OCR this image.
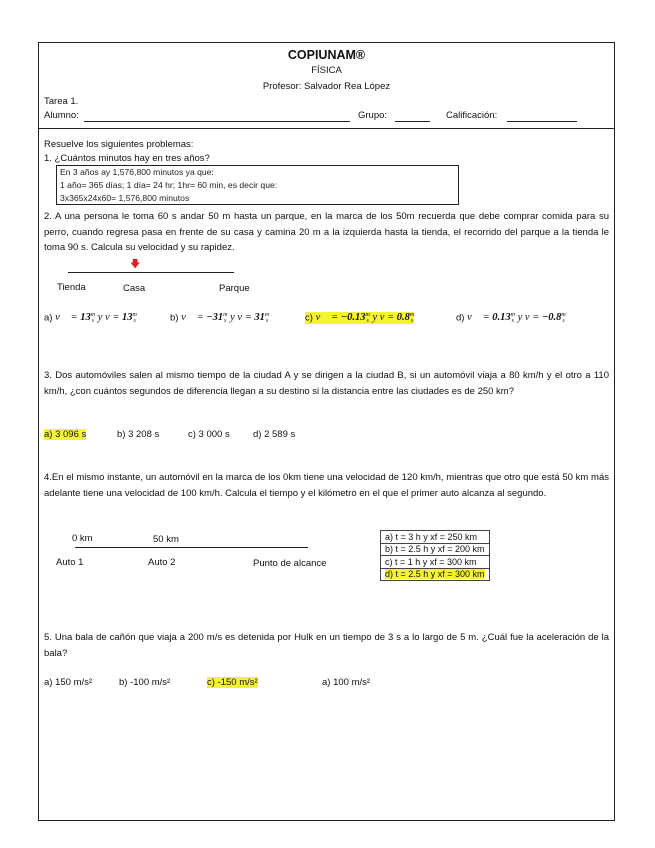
COPIUNAM®
FÍSICA
Profesor: Salvador Rea López
Tarea 1.
Alumno:	Grupo:	Calificación:
Resuelve los siguientes problemas:
1. ¿Cuántos minutos hay en tres años?
En 3 años ay 1,576,800 minutos ya que:
1 año= 365 días; 1 día= 24 hr; 1hr= 60 min, es decir que:
3x365x24x60= 1,576,800 minutos
2. A una persona le toma 60 s andar 50 m hasta un parque, en la marca de los 50m recuerda que debe comprar comida para su perro, cuando regresa pasa en frente de su casa y camina 20 m a la izquierda hasta la tienda, el recorrido del parque a la tienda le toma 90 s. Calcula su velocidad y su rapidez.
🡇
Tienda	Casa	Parque
a) v⃗ = 13m
s y v = 13m
s	b) v⃗ = −31m
s y v = 31m
s	c) v⃗ = −0.13m
s y v = 0.8m
s	d) v⃗ = 0.13m
s y v = −0.8m
s
3. Dos automóviles salen al mismo tiempo de la ciudad A y se dirigen a la ciudad B, si un automóvil viaja a 80 km/h y el otro a 110 km/h, ¿con cuántos segundos de diferencia llegan a su destino si la distancia entre las ciudades es de 250 km?
a) 3 096 s	b) 3 208 s	c) 3 000 s d) 2 589 s
4.En el mismo instante, un automóvil en la marca de los 0km tiene una velocidad de 120 km/h, mientras que otro que está 50 km más adelante tiene una velocidad de 100 km/h. Calcula el tiempo y el kilómetro en el que el primer auto alcanza al segundo.
0 km	50 km
Auto 1	Auto 2	Punto de alcance
a) t = 3 h y xf = 250 km
b) t = 2.5 h y xf = 200 km
c) t = 1 h y xf = 300 km
d) t = 2.5 h y xf = 300 km
5. Una bala de cañón que viaja a 200 m/s es detenida por Hulk en un tiempo de 3 s a lo largo de 5 m. ¿Cuál fue la aceleración de la bala?
a) 150 m/s²	b) -100 m/s²	c) -150 m/s²	a) 100 m/s²
